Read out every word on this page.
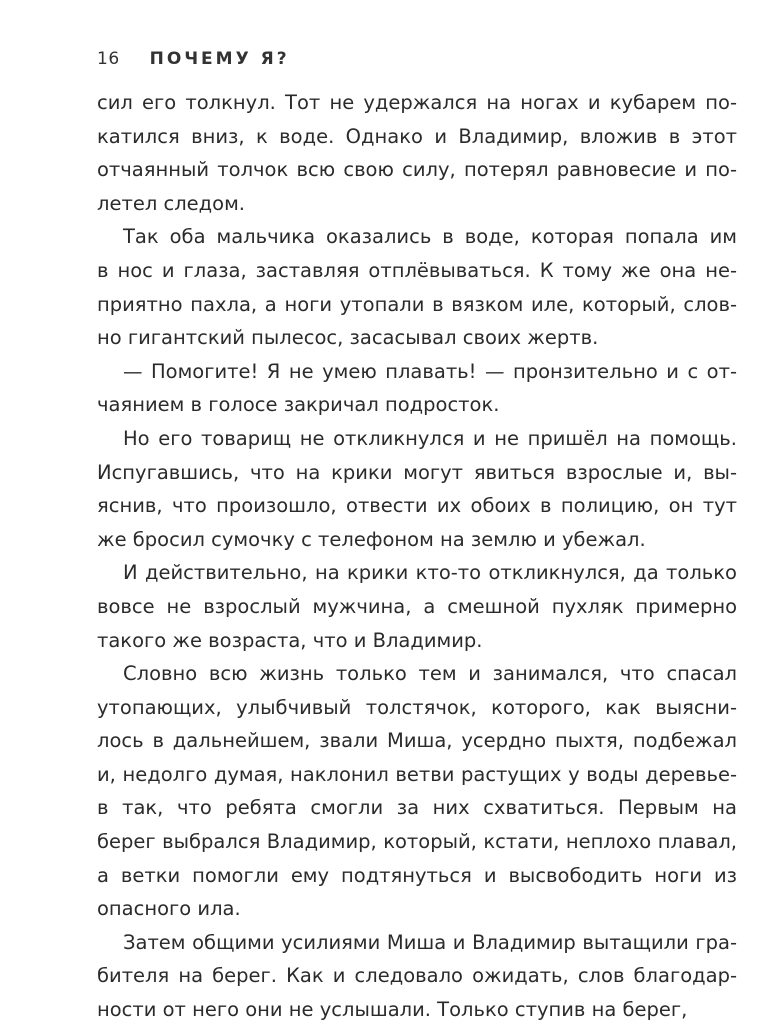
16 ПОЧЕМУ Я?
сил его толкнул. Тот не удержался на ногах и кубарем по-
катился вниз, к воде. Однако и Владимир, вложив в этот
отчаянный толчок всю свою силу, потерял равновесие и по-
летел следом.
Так оба мальчика оказались в воде, которая попала им
в нос и глаза, заставляя отплёвываться. К тому же она не-
приятно пахла, а ноги утопали в вязком иле, который, слов-
но гигантский пылесос, засасывал своих жертв.
— Помогите! Я не умею плавать! — пронзительно и с от-
чаянием в голосе закричал подросток.
Но его товарищ не откликнулся и не пришёл на помощь.
Испугавшись, что на крики могут явиться взрослые и, вы-
яснив, что произошло, отвести их обоих в полицию, он тут
же бросил сумочку с телефоном на землю и убежал.
И действительно, на крики кто-то откликнулся, да только
вовсе не взрослый мужчина, а смешной пухляк примерно
такого же возраста, что и Владимир.
Словно всю жизнь только тем и занимался, что спасал
утопающих, улыбчивый толстячок, которого, как выясни-
лось в дальнейшем, звали Миша, усердно пыхтя, подбежал
и, недолго думая, наклонил ветви растущих у воды деревье-
в так, что ребята смогли за них схватиться. Первым на
берег выбрался Владимир, который, кстати, неплохо плавал,
а ветки помогли ему подтянуться и высвободить ноги из
опасного ила.
Затем общими усилиями Миша и Владимир вытащили гра-
бителя на берег. Как и следовало ожидать, слов благодар-
ности от него они не услышали. Только ступив на берег,
